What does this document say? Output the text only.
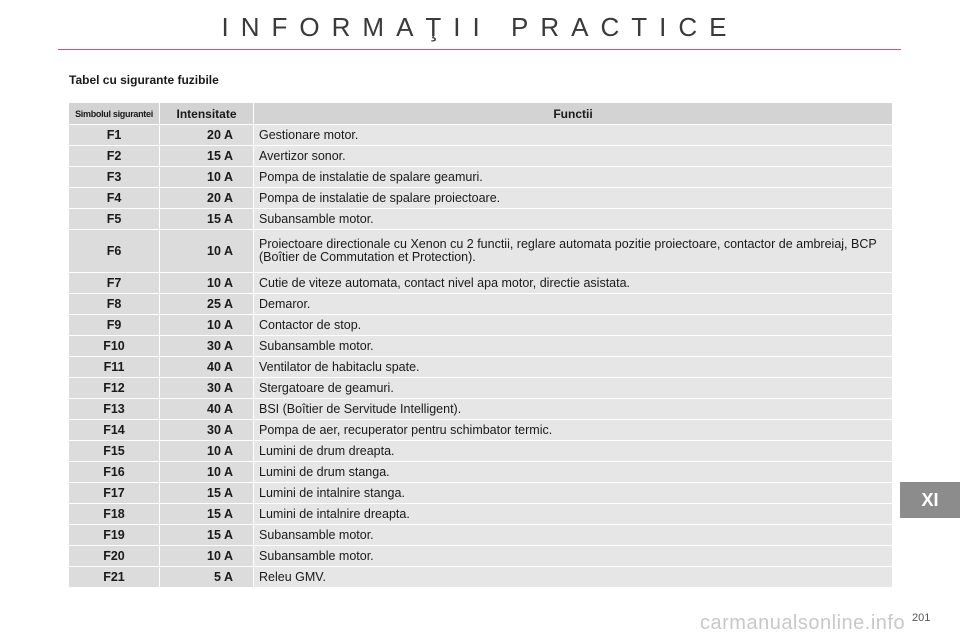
INFORMAŢII PRACTICE
Tabel cu sigurante fuzibile
Simbolul sigurantei	Intensitate	Functii
F1	20 A	Gestionare motor.
F2	15 A	Avertizor sonor.
F3	10 A	Pompa de instalatie de spalare geamuri.
F4	20 A	Pompa de instalatie de spalare proiectoare.
F5	15 A	Subansamble motor.
F6	10 A	Proiectoare directionale cu Xenon cu 2 functii, reglare automata pozitie proiectoare, contactor de ambreiaj, BCP (Boîtier de Commutation et Protection).
F7	10 A	Cutie de viteze automata, contact nivel apa motor, directie asistata.
F8	25 A	Demaror.
F9	10 A	Contactor de stop.
F10	30 A	Subansamble motor.
F11	40 A	Ventilator de habitaclu spate.
F12	30 A	Stergatoare de geamuri.
F13	40 A	BSI (Boîtier de Servitude Intelligent).
F14	30 A	Pompa de aer, recuperator pentru schimbator termic.
F15	10 A	Lumini de drum dreapta.
F16	10 A	Lumini de drum stanga.
F17	15 A	Lumini de intalnire stanga.
F18	15 A	Lumini de intalnire dreapta.
F19	15 A	Subansamble motor.
F20	10 A	Subansamble motor.
F21	5 A	Releu GMV.
XI
201
carmanualsonline.info
